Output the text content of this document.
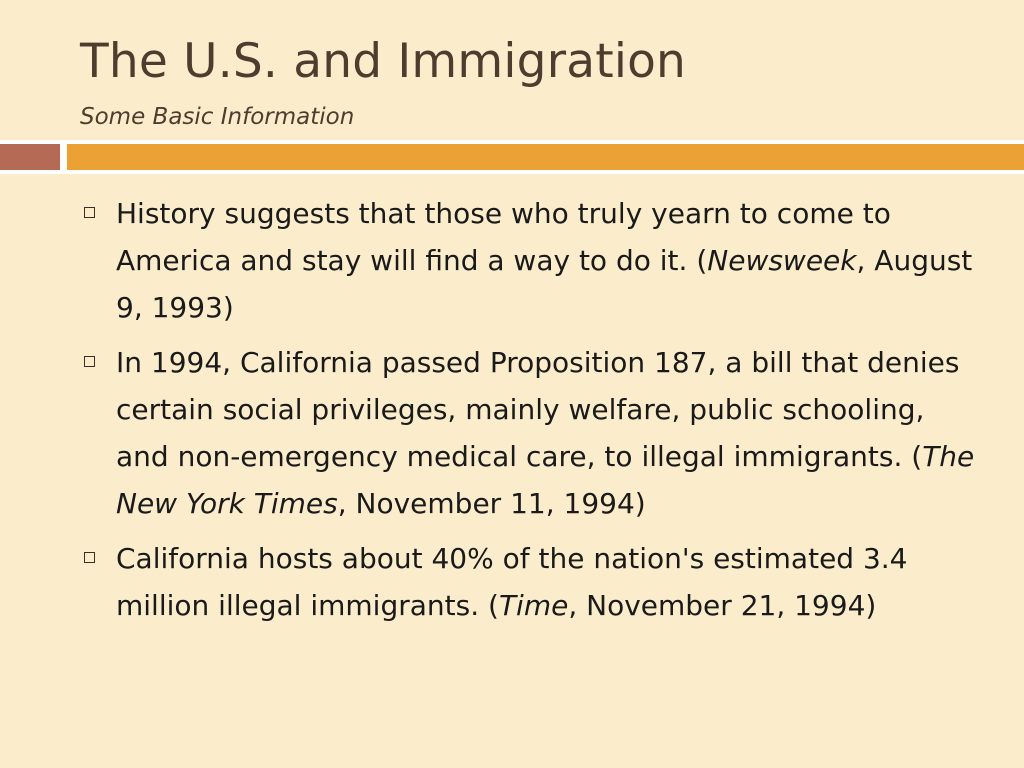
The U.S. and Immigration
Some Basic Information
History suggests that those who truly yearn to come to America and stay will find a way to do it. (Newsweek, August 9, 1993)
In 1994, California passed Proposition 187, a bill that denies certain social privileges, mainly welfare, public schooling, and non-emergency medical care, to illegal immigrants. (The New York Times, November 11, 1994)
California hosts about 40% of the nation's estimated 3.4 million illegal immigrants. (Time, November 21, 1994)
